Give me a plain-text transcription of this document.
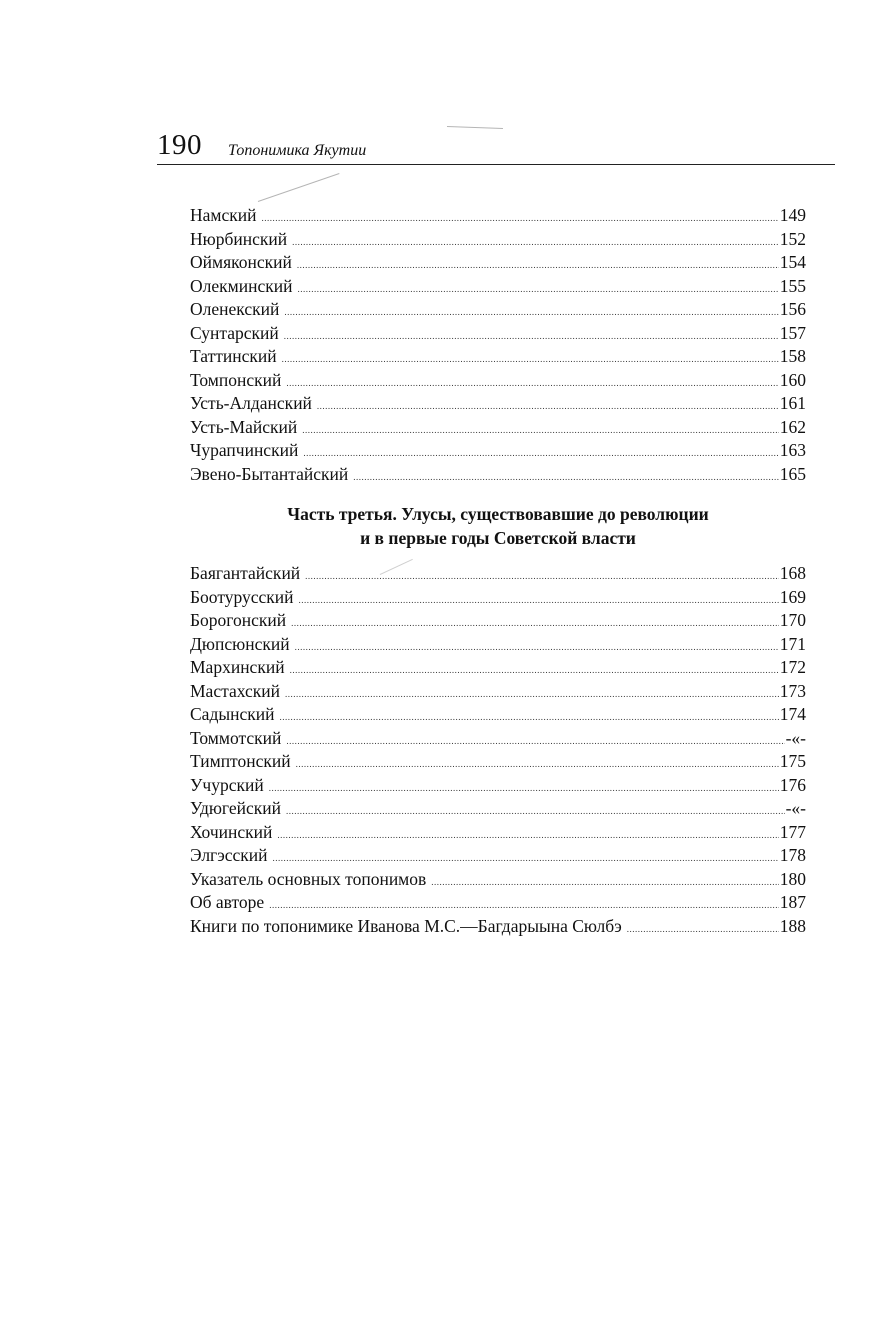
190 Топонимика Якутии
Намский .....	149
Нюрбинский .....	152
Оймяконский .....	154
Олекминский .....	155
Оленекский .....	156
Сунтарский .....	157
Таттинский .....	158
Томпонский .....	160
Усть-Алданский .....	161
Усть-Майский .....	162
Чурапчинский .....	163
Эвено-Бытантайский .....	165
Часть третья. Улусы, существовавшие до революции
и в первые годы Советской власти
Баягантайский .....	168
Боотурусский .....	169
Борогонский .....	170
Дюпсюнский .....	171
Мархинский .....	172
Мастахский .....	173
Садынский .....	174
Томмотский .....	-«-
Тимптонский .....	175
Учурский .....	176
Удюгейский .....	-«-
Хочинский .....	177
Элгэсский .....	178
Указатель основных топонимов .....	180
Об авторе .....	187
Книги по топонимике Иванова М.С.—Багдарыына Сюлбэ .....	188
